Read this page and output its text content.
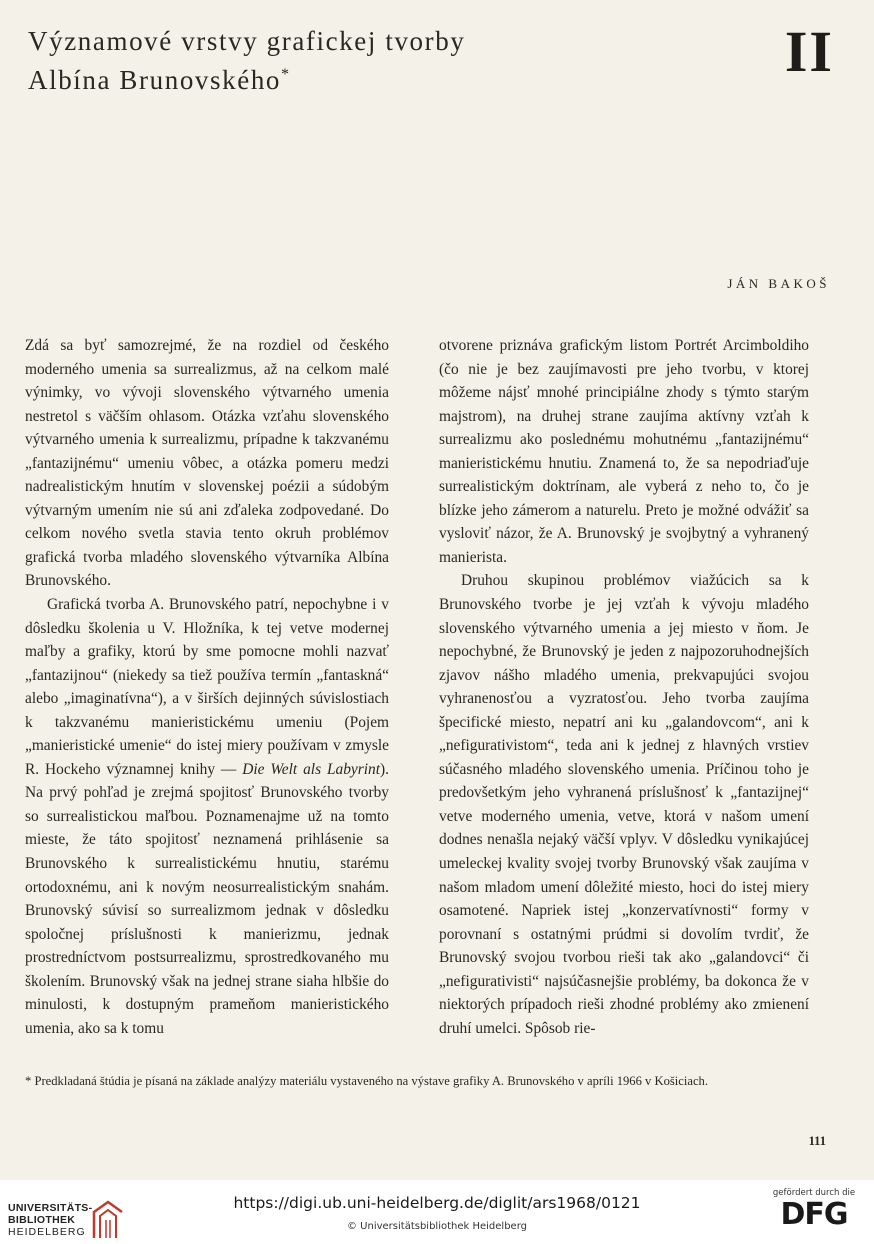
Významové vrstvy grafickej tvorby
Albína Brunovského*	II
JÁN BAKOŠ

Zdá sa byť samozrejmé, že na rozdiel od českého moderného umenia sa surrealizmus, až na celkom malé výnimky, vo vývoji slovenského výtvarného umenia nestretol s väčším ohlasom. Otázka vzťahu slovenského výtvarného umenia k surrealizmu, prípadne k takzvanému „fantazijnému“ umeniu vôbec, a otázka pomeru medzi nadrealistickým hnutím v slovenskej poézii a súdobým výtvarným umením nie sú ani zďaleka zodpovedané. Do celkom nového svetla stavia tento okruh problémov grafická tvorba mladého slovenského výtvarníka Albína Brunovského.

Grafická tvorba A. Brunovského patrí, nepochybne i v dôsledku školenia u V. Hložníka, k tej vetve modernej maľby a grafiky, ktorú by sme pomocne mohli nazvať „fantazijnou“ (niekedy sa tiež používa termín „fantaskná“ alebo „imaginatívna“), a v širších dejinných súvislostiach k takzvanému manieristickému umeniu (Pojem „manieristické umenie“ do istej miery používam v zmysle R. Hockeho významnej knihy — Die Welt als Labyrint). Na prvý pohľad je zrejmá spojitosť Brunovského tvorby so surrealistickou maľbou. Poznamenajme už na tomto mieste, že táto spojitosť neznamená prihlásenie sa Brunovského k surrealistickému hnutiu, starému ortodoxnému, ani k novým neosurrealistickým snahám. Brunovský súvisí so surrealizmom jednak v dôsledku spoločnej príslušnosti k manierizmu, jednak prostredníctvom postsurrealizmu, sprostredkovaného mu školením. Brunovský však na jednej strane siaha hlbšie do minulosti, k dostupným prameňom manieristického umenia, ako sa k tomu

otvorene priznáva grafickým listom Portrét Arcimboldiho (čo nie je bez zaujímavosti pre jeho tvorbu, v ktorej môžeme nájsť mnohé principiálne zhody s týmto starým majstrom), na druhej strane zaujíma aktívny vzťah k surrealizmu ako poslednému mohutnému „fantazijnému“ manieristickému hnutiu. Znamená to, že sa nepodriaďuje surrealistickým doktrínam, ale vyberá z neho to, čo je blízke jeho zámerom a naturelu. Preto je možné odvážiť sa vysloviť názor, že A. Brunovský je svojbytný a vyhranený manierista.

Druhou skupinou problémov viažúcich sa k Brunovského tvorbe je jej vzťah k vývoju mladého slovenského výtvarného umenia a jej miesto v ňom. Je nepochybné, že Brunovský je jeden z najpozoruhodnejších zjavov nášho mladého umenia, prekvapujúci svojou vyhranenosťou a vyzratosťou. Jeho tvorba zaujíma špecifické miesto, nepatrí ani ku „galandovcom“, ani k „nefigurativistom“, teda ani k jednej z hlavných vrstiev súčasného mladého slovenského umenia. Príčinou toho je predovšetkým jeho vyhranená príslušnosť k „fantazijnej“ vetve moderného umenia, vetve, ktorá v našom umení dodnes nenašla nejaký väčší vplyv. V dôsledku vynikajúcej umeleckej kvality svojej tvorby Brunovský však zaujíma v našom mladom umení dôležité miesto, hoci do istej miery osamotené. Napriek istej „konzervatívnosti“ formy v porovnaní s ostatnými prúdmi si dovolím tvrdiť, že Brunovský svojou tvorbou rieši tak ako „galandovci“ či „nefigurativisti“ najsúčasnejšie problémy, ba dokonca že v niektorých prípadoch rieši zhodné problémy ako zmienení druhí umelci. Spôsob rie-

* Predkladaná štúdia je písaná na základe analýzy materiálu vystaveného na výstave grafiky A. Brunovského v apríli 1966 v Košiciach.
111
UNIVERSITÄTS-
BIBLIOTHEK
HEIDELBERG
https://digi.ub.uni-heidelberg.de/diglit/ars1968/0121
© Universitätsbibliothek Heidelberg
gefördert durch die
DFG
